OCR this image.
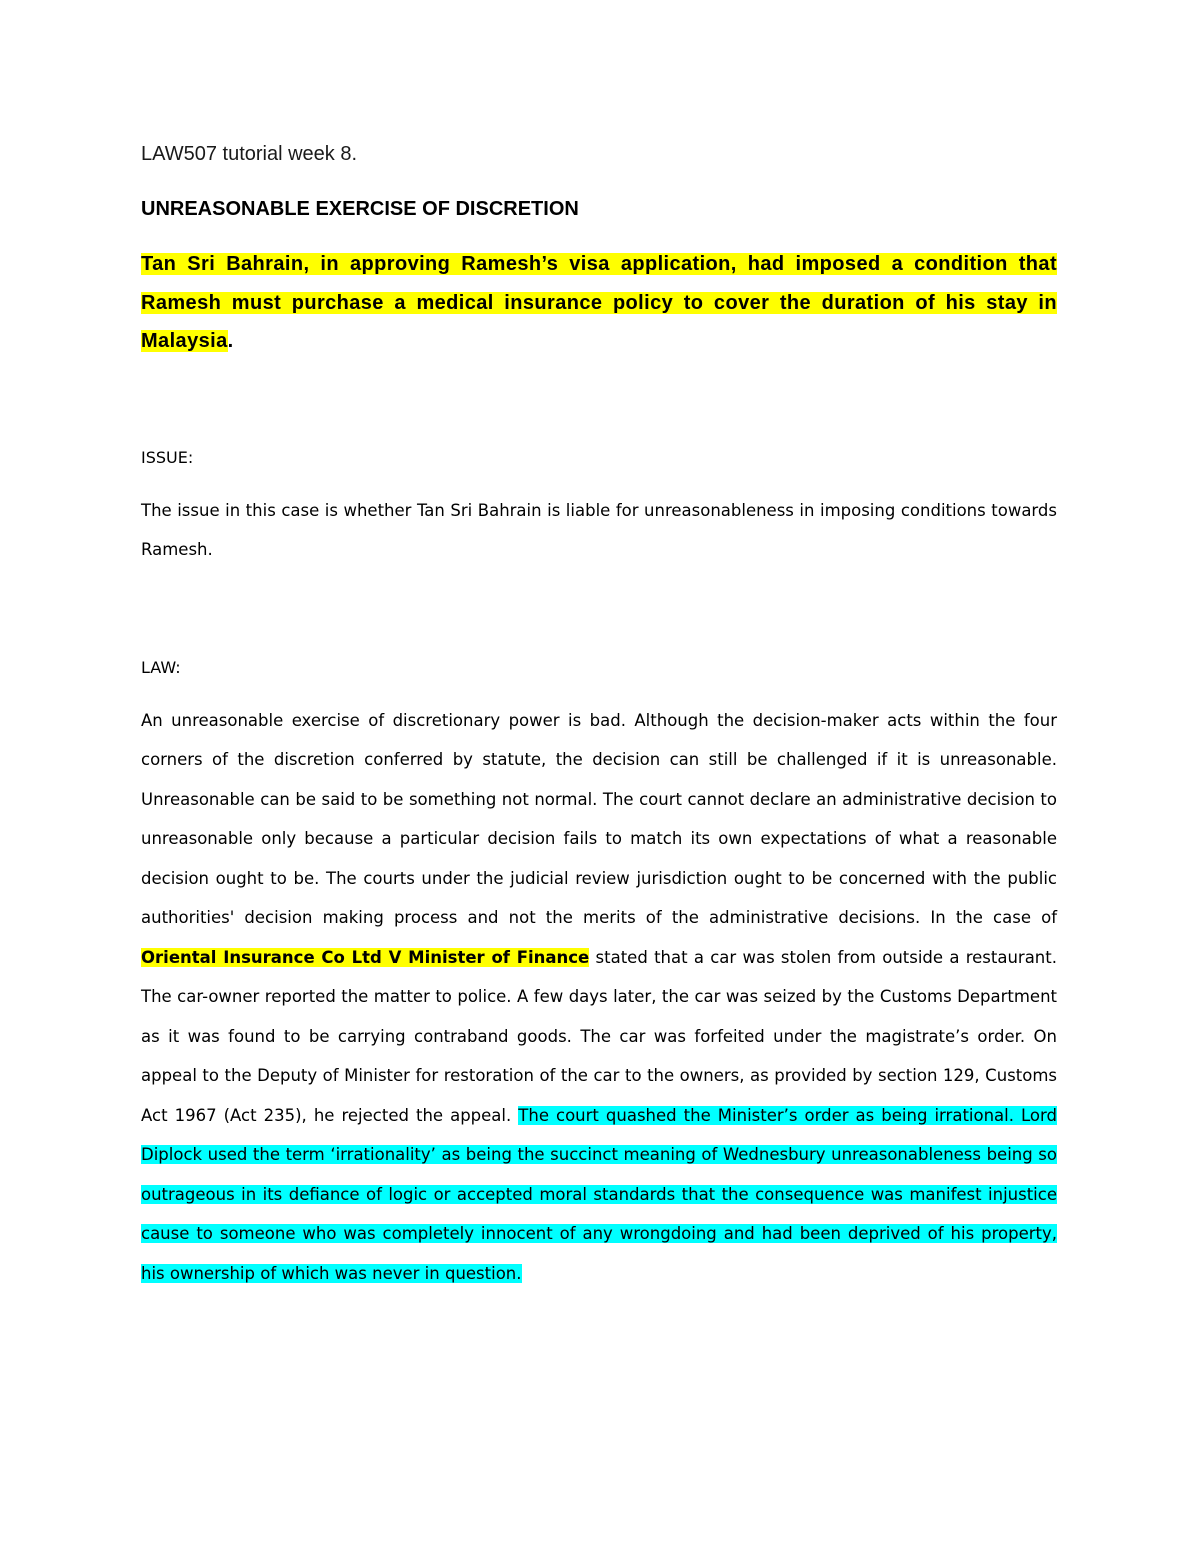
LAW507 tutorial week 8.

UNREASONABLE EXERCISE OF DISCRETION

Tan Sri Bahrain, in approving Ramesh’s visa application, had imposed a condition that Ramesh must purchase a medical insurance policy to cover the duration of his stay in Malaysia.

ISSUE:

The issue in this case is whether Tan Sri Bahrain is liable for unreasonableness in imposing conditions towards Ramesh.

LAW:

An unreasonable exercise of discretionary power is bad. Although the decision-maker acts within the four corners of the discretion conferred by statute, the decision can still be challenged if it is unreasonable. Unreasonable can be said to be something not normal. The court cannot declare an administrative decision to unreasonable only because a particular decision fails to match its own expectations of what a reasonable decision ought to be. The courts under the judicial review jurisdiction ought to be concerned with the public authorities' decision making process and not the merits of the administrative decisions. In the case of Oriental Insurance Co Ltd V Minister of Finance stated that a car was stolen from outside a restaurant. The car-owner reported the matter to police. A few days later, the car was seized by the Customs Department as it was found to be carrying contraband goods. The car was forfeited under the magistrate’s order. On appeal to the Deputy of Minister for restoration of the car to the owners, as provided by section 129, Customs Act 1967 (Act 235), he rejected the appeal. The court quashed the Minister’s order as being irrational. Lord Diplock used the term ‘irrationality’ as being the succinct meaning of Wednesbury unreasonableness being so outrageous in its defiance of logic or accepted moral standards that the consequence was manifest injustice cause to someone who was completely innocent of any wrongdoing and had been deprived of his property, his ownership of which was never in question.
